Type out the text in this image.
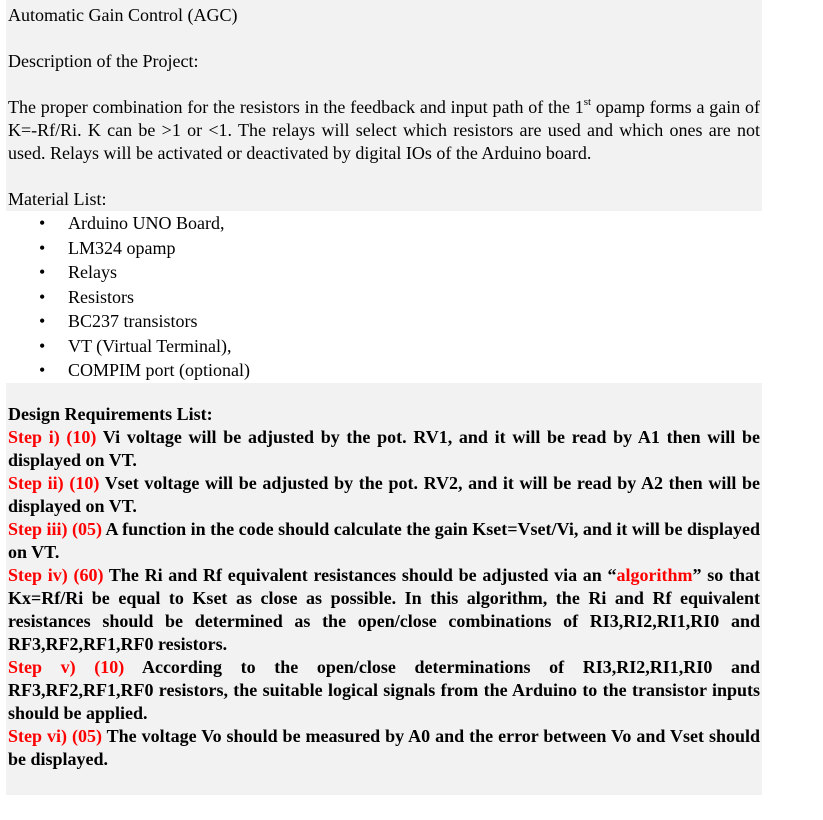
Automatic Gain Control (AGC)
Description of the Project:

The proper combination for the resistors in the feedback and input path of the 1st opamp forms a gain of K=-Rf/Ri. K can be >1 or <1. The relays will select which resistors are used and which ones are not used. Relays will be activated or deactivated by digital IOs of the Arduino board.

Material List:
• Arduino UNO Board,
• LM324 opamp
• Relays
• Resistors
• BC237 transistors
• VT (Virtual Terminal),
• COMPIM port (optional)
Design Requirements List:

Step i) (10) Vi voltage will be adjusted by the pot. RV1, and it will be read by A1 then will be displayed on VT.

Step ii) (10) Vset voltage will be adjusted by the pot. RV2, and it will be read by A2 then will be displayed on VT.

Step iii) (05) A function in the code should calculate the gain Kset=Vset/Vi, and it will be displayed on VT.

Step iv) (60) The Ri and Rf equivalent resistances should be adjusted via an “algorithm” so that Kx=Rf/Ri be equal to Kset as close as possible. In this algorithm, the Ri and Rf equivalent resistances should be determined as the open/close combinations of RI3,RI2,RI1,RI0 and RF3,RF2,RF1,RF0 resistors.

Step v) (10) According to the open/close determinations of RI3,RI2,RI1,RI0 and RF3,RF2,RF1,RF0 resistors, the suitable logical signals from the Arduino to the transistor inputs should be applied.

Step vi) (05) The voltage Vo should be measured by A0 and the error between Vo and Vset should be displayed.
